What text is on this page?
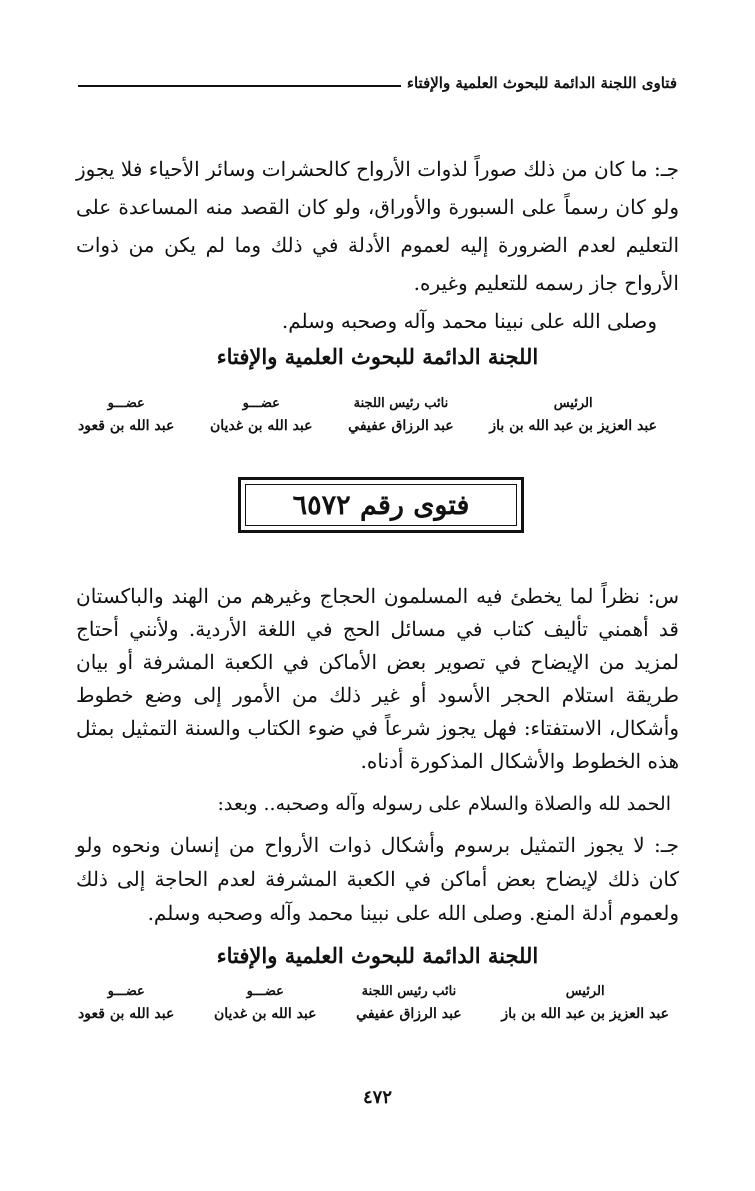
فتاوى اللجنة الدائمة للبحوث العلمية والإفتاء
جـ: ما كان من ذلك صوراً لذوات الأرواح كالحشرات وسائر الأحياء فلا يجوز ولو كان رسماً على السبورة والأوراق، ولو كان القصد منه المساعدة على التعليم لعدم الضرورة إليه لعموم الأدلة في ذلك وما لم يكن من ذوات الأرواح جاز رسمه للتعليم وغيره.
وصلى الله على نبينا محمد وآله وصحبه وسلم.
اللجنة الدائمة للبحوث العلمية والإفتاء
الرئيس
عبد العزيز بن عبد الله بن باز
نائب رئيس اللجنة
عبد الرزاق عفيفي
عضـــو
عبد الله بن غديان
عضـــو
عبد الله بن قعود
فتوى رقم ٦٥٧٢
س: نظراً لما يخطئ فيه المسلمون الحجاج وغيرهم من الهند والباكستان قد أهمني تأليف كتاب في مسائل الحج في اللغة الأردية. ولأنني أحتاج لمزيد من الإيضاح في تصوير بعض الأماكن في الكعبة المشرفة أو بيان طريقة استلام الحجر الأسود أو غير ذلك من الأمور إلى وضع خطوط وأشكال، الاستفتاء: فهل يجوز شرعاً في ضوء الكتاب والسنة التمثيل بمثل هذه الخطوط والأشكال المذكورة أدناه.
الحمد لله والصلاة والسلام على رسوله وآله وصحبه.. وبعد:
جـ: لا يجوز التمثيل برسوم وأشكال ذوات الأرواح من إنسان ونحوه ولو كان ذلك لإيضاح بعض أماكن في الكعبة المشرفة لعدم الحاجة إلى ذلك ولعموم أدلة المنع. وصلى الله على نبينا محمد وآله وصحبه وسلم.
اللجنة الدائمة للبحوث العلمية والإفتاء
الرئيس
عبد العزيز بن عبد الله بن باز
نائب رئيس اللجنة
عبد الرزاق عفيفي
عضـــو
عبد الله بن غديان
عضـــو
عبد الله بن قعود
٤٧٢
